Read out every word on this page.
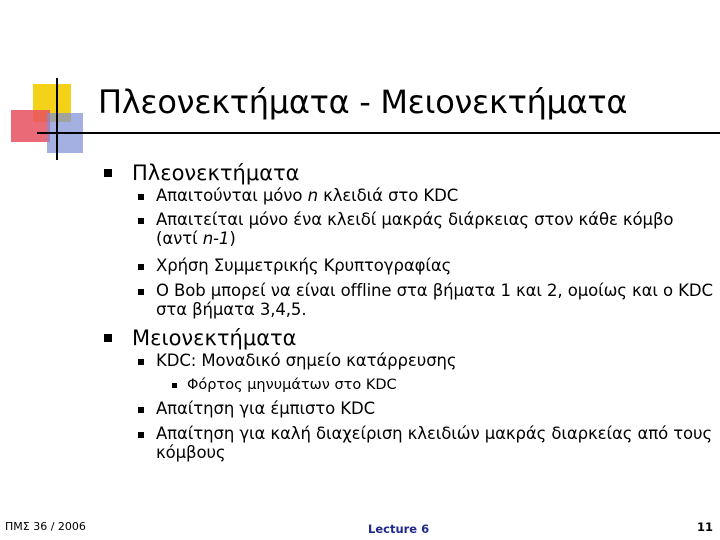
Πλεονεκτήματα - Μειονεκτήματα
Πλεονεκτήματα
Απαιτούνται μόνο n κλειδιά στο KDC
Απαιτείται μόνο ένα κλειδί μακράς διάρκειας στον κάθε κόμβο (αντί n-1)
Χρήση Συμμετρικής Κρυπτογραφίας
Ο Bob μπορεί να είναι offline στα βήματα 1 και 2, ομοίως και ο KDC στα βήματα 3,4,5.
Μειονεκτήματα
KDC: Μοναδικό σημείο κατάρρευσης
Φόρτος μηνυμάτων στο KDC
Απαίτηση για έμπιστο KDC
Απαίτηση για καλή διαχείριση κλειδιών μακράς διαρκείας από τους κόμβους
ΠΜΣ 36 / 2006	Lecture 6	11
